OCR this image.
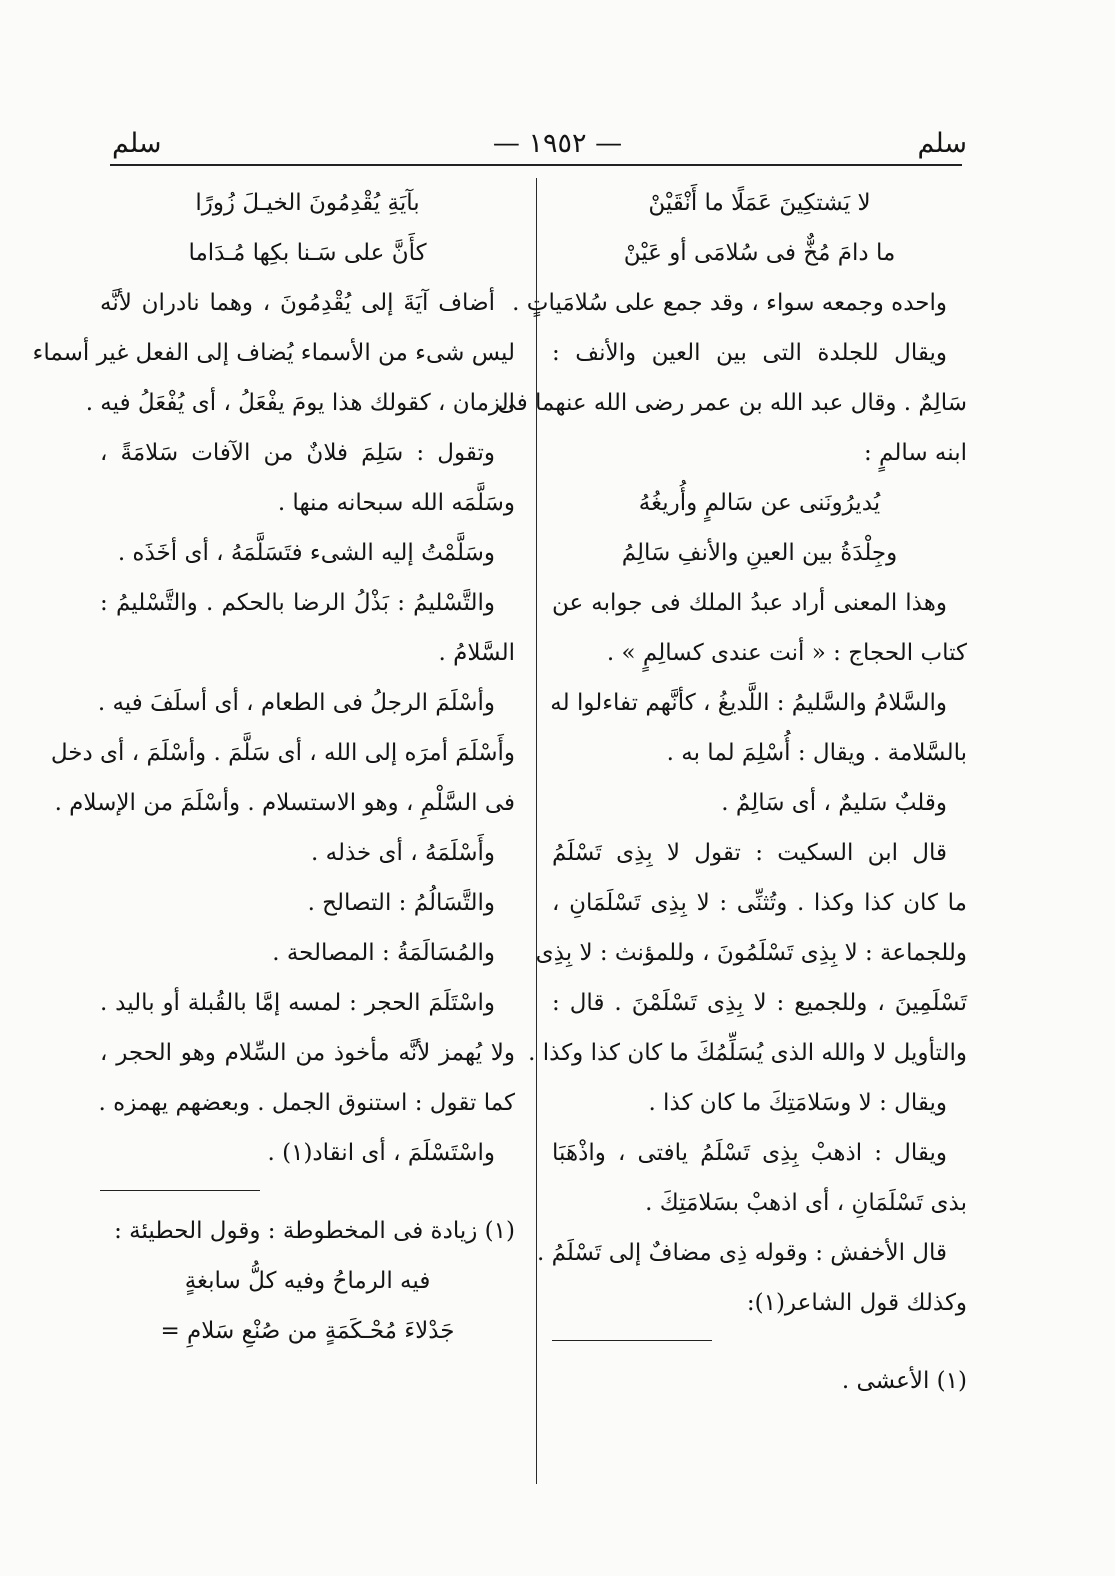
سلم
— ١٩٥٢ —
سلم
لا يَشتكِينَ عَمَلًا ما أَنْقَيْنْ
ما دامَ مُخٌّ فى سُلامَى أو عَيْنْ
واحده وجمعه سواء ، وقد جمع على سُلامَياتٍ .
ويقال للجلدة التى بين العين والأنف :
سَالِمٌ . وقال عبد الله بن عمر رضى الله عنهما فى
ابنه سالمٍ :
يُديرُونَنى عن سَالمٍ وأُريغُهُ
وجِلْدَةُ بين العينِ والأنفِ سَالِمُ
وهذا المعنى أراد عبدُ الملك فى جوابه عن
كتاب الحجاج : « أنت عندى كسالِمٍ » .
والسَّلامُ والسَّليمُ : اللَّديغُ ، كأنَّهم تفاءلوا له
بالسَّلامة . ويقال : أُسْلِمَ لما به .
وقلبٌ سَليمٌ ، أى سَالِمٌ .
قال ابن السكيت : تقول لا بِذِى تَسْلَمُ
ما كان كذا وكذا . وتُثنِّى : لا بِذِى تَسْلَمَانِ ،
وللجماعة : لا بِذِى تَسْلَمُونَ ، وللمؤنث : لا بِذِى
تَسْلَمِينَ ، وللجميع : لا بِذِى تَسْلَمْنَ . قال :
والتأويل لا والله الذى يُسَلِّمُكَ ما كان كذا وكذا .
ويقال : لا وسَلامَتِكَ ما كان كذا .
ويقال : اذهبْ بِذِى تَسْلَمُ يافتى ، واذْهَبَا
بذى تَسْلَمَانِ ، أى اذهبْ بسَلامَتِكَ .
قال الأخفش : وقوله ذِى مضافٌ إلى تَسْلَمُ .
وكذلك قول الشاعر(١):
(١) الأعشى .
بآيَةِ يُقْدِمُونَ الخيـلَ زُورًا
كأَنَّ على سَـنا بكِها مُـدَاما
أضاف آيَةَ إلى يُقْدِمُونَ ، وهما نادران لأنَّه
ليس شىء من الأسماء يُضاف إلى الفعل غير أسماء
الزمان ، كقولك هذا يومَ يفْعَلُ ، أى يُفْعَلُ فيه .
وتقول : سَلِمَ فلانٌ من الآفات سَلامَةً ،
وسَلَّمَه الله سبحانه منها .
وسَلَّمْتُ إليه الشىء فتَسَلَّمَهُ ، أى أخَذَه .
والتَّسْليمُ : بَذْلُ الرضا بالحكم . والتَّسْليمُ :
السَّلامُ .
وأسْلَمَ الرجلُ فى الطعام ، أى أسلَفَ فيه .
وأَسْلَمَ أمرَه إلى الله ، أى سَلَّمَ . وأسْلَمَ ، أى دخل
فى السَّلْمِ ، وهو الاستسلام . وأسْلَمَ من الإسلام .
وأَسْلَمَهُ ، أى خذله .
والتَّسَالُمُ : التصالح .
والمُسَالَمَةُ : المصالحة .
واسْتَلَمَ الحجر : لمسه إمَّا بالقُبلة أو باليد .
ولا يُهمز لأنَّه مأخوذ من السِّلام وهو الحجر ،
كما تقول : استنوق الجمل . وبعضهم يهمزه .
واسْتَسْلَمَ ، أى انقاد(١) .
(١) زيادة فى المخطوطة : وقول الحطيئة :
فيه الرماحُ وفيه كلُّ سابغةٍ
جَدْلاءَ مُحْـكَمَةٍ من صُنْعِ سَلامِ =
